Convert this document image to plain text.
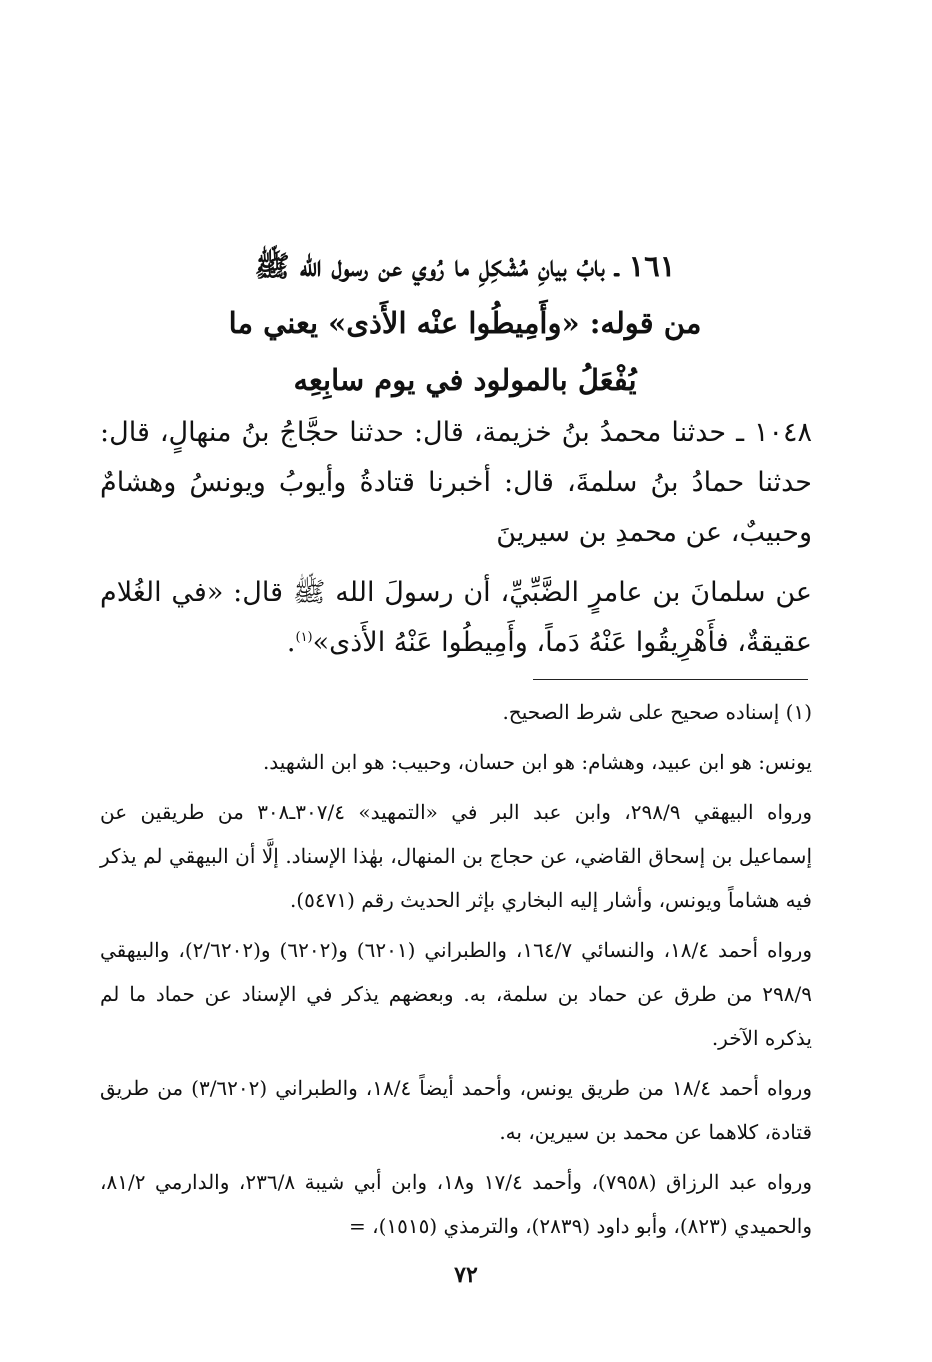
١٦١ ـ بابُ بيانِ مُشْكِلِ ما رُوي عن رسول الله ﷺ
من قوله: «وأَمِيطُوا عنْه الأَذى» يعني ما
يُفْعَلُ بالمولود في يوم سابِعِه
١٠٤٨ ـ حدثنا محمدُ بنُ خزيمة، قال: حدثنا حجَّاجُ بنُ منهالٍ، قال: حدثنا حمادُ بنُ سلمةَ، قال: أخبرنا قتادةُ وأيوبُ ويونسُ وهشامٌ وحبيبٌ، عن محمدِ بن سيرينَ
عن سلمانَ بن عامرٍ الضَّبِّيِّ، أن رسولَ الله ﷺ قال: «في الغُلام عقيقةٌ، فأَهْرِيقُوا عَنْهُ دَماً، وأَمِيطُوا عَنْهُ الأَذى»$^{(١)}$.
(١) إسناده صحيح على شرط الصحيح.
يونس: هو ابن عبيد، وهشام: هو ابن حسان، وحبيب: هو ابن الشهيد.
ورواه البيهقي ٢٩٨/٩، وابن عبد البر في «التمهيد» ٣٠٧/٤ـ٣٠٨ من طريقين عن إسماعيل بن إسحاق القاضي، عن حجاج بن المنهال، بهٰذا الإسناد. إلَّا أن البيهقي لم يذكر فيه هشاماً ويونس، وأشار إليه البخاري بإثر الحديث رقم (٥٤٧١).
ورواه أحمد ١٨/٤، والنسائي ١٦٤/٧، والطبراني (٦٢٠١) و(٦٢٠٢) و(٢/٦٢٠٢)، والبيهقي ٢٩٨/٩ من طرق عن حماد بن سلمة، به. وبعضهم يذكر في الإسناد عن حماد ما لم يذكره الآخر.
ورواه أحمد ١٨/٤ من طريق يونس، وأحمد أيضاً ١٨/٤، والطبراني (٣/٦٢٠٢) من طريق قتادة، كلاهما عن محمد بن سيرين، به.
ورواه عبد الرزاق (٧٩٥٨)، وأحمد ١٧/٤ و١٨، وابن أبي شيبة ٢٣٦/٨، والدارمي ٨١/٢، والحميدي (٨٢٣)، وأبو داود (٢٨٣٩)، والترمذي (١٥١٥)، =
٧٢
